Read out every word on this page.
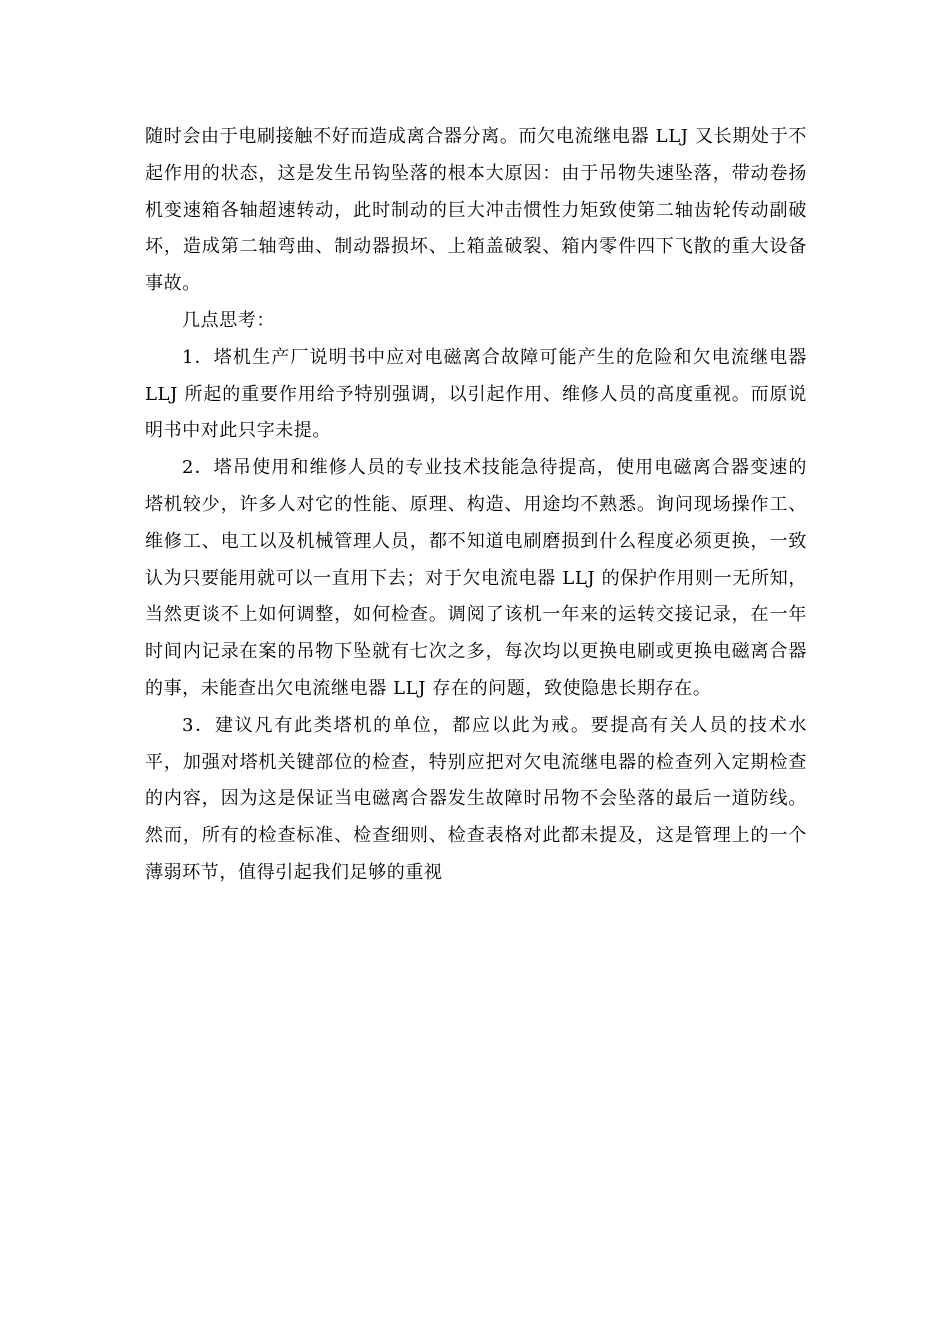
随时会由于电刷接触不好而造成离合器分离。而欠电流继电器 LLJ 又长期处于不起作用的状态，这是发生吊钩坠落的根本大原因：由于吊物失速坠落，带动卷扬机变速箱各轴超速转动，此时制动的巨大冲击惯性力矩致使第二轴齿轮传动副破坏，造成第二轴弯曲、制动器损坏、上箱盖破裂、箱内零件四下飞散的重大设备事故。

几点思考：

1．塔机生产厂说明书中应对电磁离合故障可能产生的危险和欠电流继电器 LLJ 所起的重要作用给予特别强调，以引起作用、维修人员的高度重视。而原说明书中对此只字未提。

2．塔吊使用和维修人员的专业技术技能急待提高，使用电磁离合器变速的塔机较少，许多人对它的性能、原理、构造、用途均不熟悉。询问现场操作工、维修工、电工以及机械管理人员，都不知道电刷磨损到什么程度必须更换，一致认为只要能用就可以一直用下去；对于欠电流电器 LLJ 的保护作用则一无所知，当然更谈不上如何调整，如何检查。调阅了该机一年来的运转交接记录，在一年时间内记录在案的吊物下坠就有七次之多，每次均以更换电刷或更换电磁离合器的事，未能查出欠电流继电器 LLJ 存在的问题，致使隐患长期存在。

3．建议凡有此类塔机的单位，都应以此为戒。要提高有关人员的技术水平，加强对塔机关键部位的检查，特别应把对欠电流继电器的检查列入定期检查的内容，因为这是保证当电磁离合器发生故障时吊物不会坠落的最后一道防线。然而，所有的检查标准、检查细则、检查表格对此都未提及，这是管理上的一个薄弱环节，值得引起我们足够的重视
